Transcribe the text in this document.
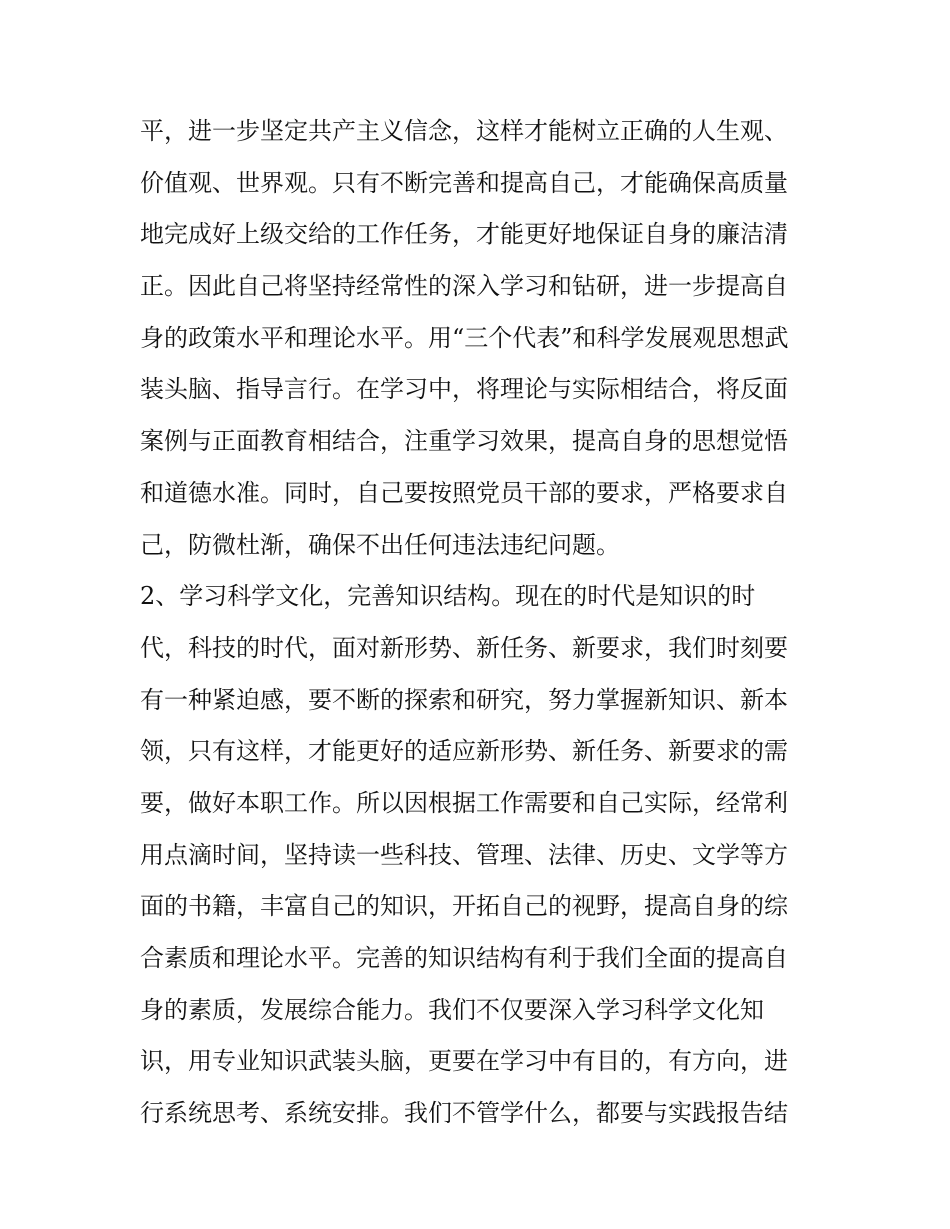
平，进一步坚定共产主义信念，这样才能树立正确的人生观、
价值观、世界观。只有不断完善和提高自己，才能确保高质量
地完成好上级交给的工作任务，才能更好地保证自身的廉洁清
正。因此自己将坚持经常性的深入学习和钻研，进一步提高自
身的政策水平和理论水平。用“三个代表”和科学发展观思想武
装头脑、指导言行。在学习中，将理论与实际相结合，将反面
案例与正面教育相结合，注重学习效果，提高自身的思想觉悟
和道德水准。同时，自己要按照党员干部的要求，严格要求自
己，防微杜渐，确保不出任何违法违纪问题。
2、学习科学文化，完善知识结构。现在的时代是知识的时
代，科技的时代，面对新形势、新任务、新要求，我们时刻要
有一种紧迫感，要不断的探索和研究，努力掌握新知识、新本
领，只有这样，才能更好的适应新形势、新任务、新要求的需
要，做好本职工作。所以因根据工作需要和自己实际，经常利
用点滴时间，坚持读一些科技、管理、法律、历史、文学等方
面的书籍，丰富自己的知识，开拓自己的视野，提高自身的综
合素质和理论水平。完善的知识结构有利于我们全面的提高自
身的素质，发展综合能力。我们不仅要深入学习科学文化知
识，用专业知识武装头脑，更要在学习中有目的，有方向，进
行系统思考、系统安排。我们不管学什么，都要与实践报告结
